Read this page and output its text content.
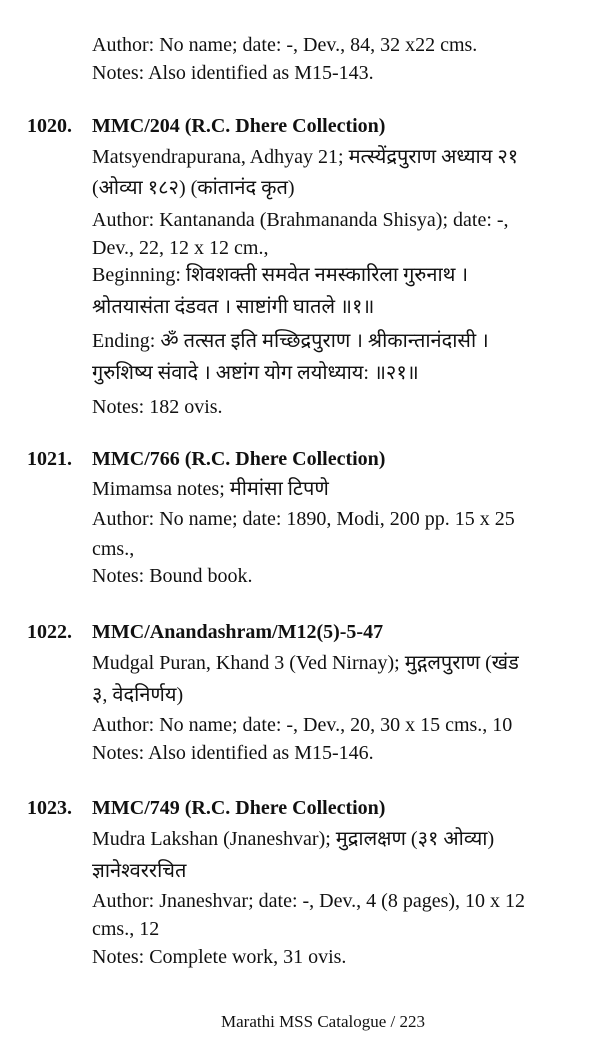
Author: No name; date: -, Dev., 84, 32 x22 cms.
Notes: Also identified as M15-143.
1020. MMC/204 (R.C. Dhere Collection)
Matsyendrapurana, Adhyay 21; मत्स्येंद्रपुराण अध्याय २१
(ओव्या १८२) (कांतानंद कृत)
Author: Kantananda (Brahmananda Shisya); date: -,
Dev., 22, 12 x 12 cm.,
Beginning: शिवशक्ती समवेत नमस्कारिला गुरुनाथ ।
श्रोतयासंता दंडवत । साष्टांगी घातले ॥१॥
Ending: ॐ तत्सत इति मच्छिद्रपुराण । श्रीकान्तानंदासी ।
गुरुशिष्य संवादे । अष्टांग योग लयोध्याय: ॥२१॥
Notes: 182 ovis.
1021. MMC/766 (R.C. Dhere Collection)
Mimamsa notes; मीमांसा टिपणे
Author: No name; date: 1890, Modi, 200 pp. 15 x 25
cms.,
Notes: Bound book.
1022. MMC/Anandashram/M12(5)-5-47
Mudgal Puran, Khand 3 (Ved Nirnay); मुद्गलपुराण (खंड
३, वेदनिर्णय)
Author: No name; date: -, Dev., 20, 30 x 15 cms., 10
Notes: Also identified as M15-146.
1023. MMC/749 (R.C. Dhere Collection)
Mudra Lakshan (Jnaneshvar); मुद्रालक्षण (३१ ओव्या)
ज्ञानेश्वररचित
Author: Jnaneshvar; date: -, Dev., 4 (8 pages), 10 x 12
cms., 12
Notes: Complete work, 31 ovis.
Marathi MSS Catalogue / 223
